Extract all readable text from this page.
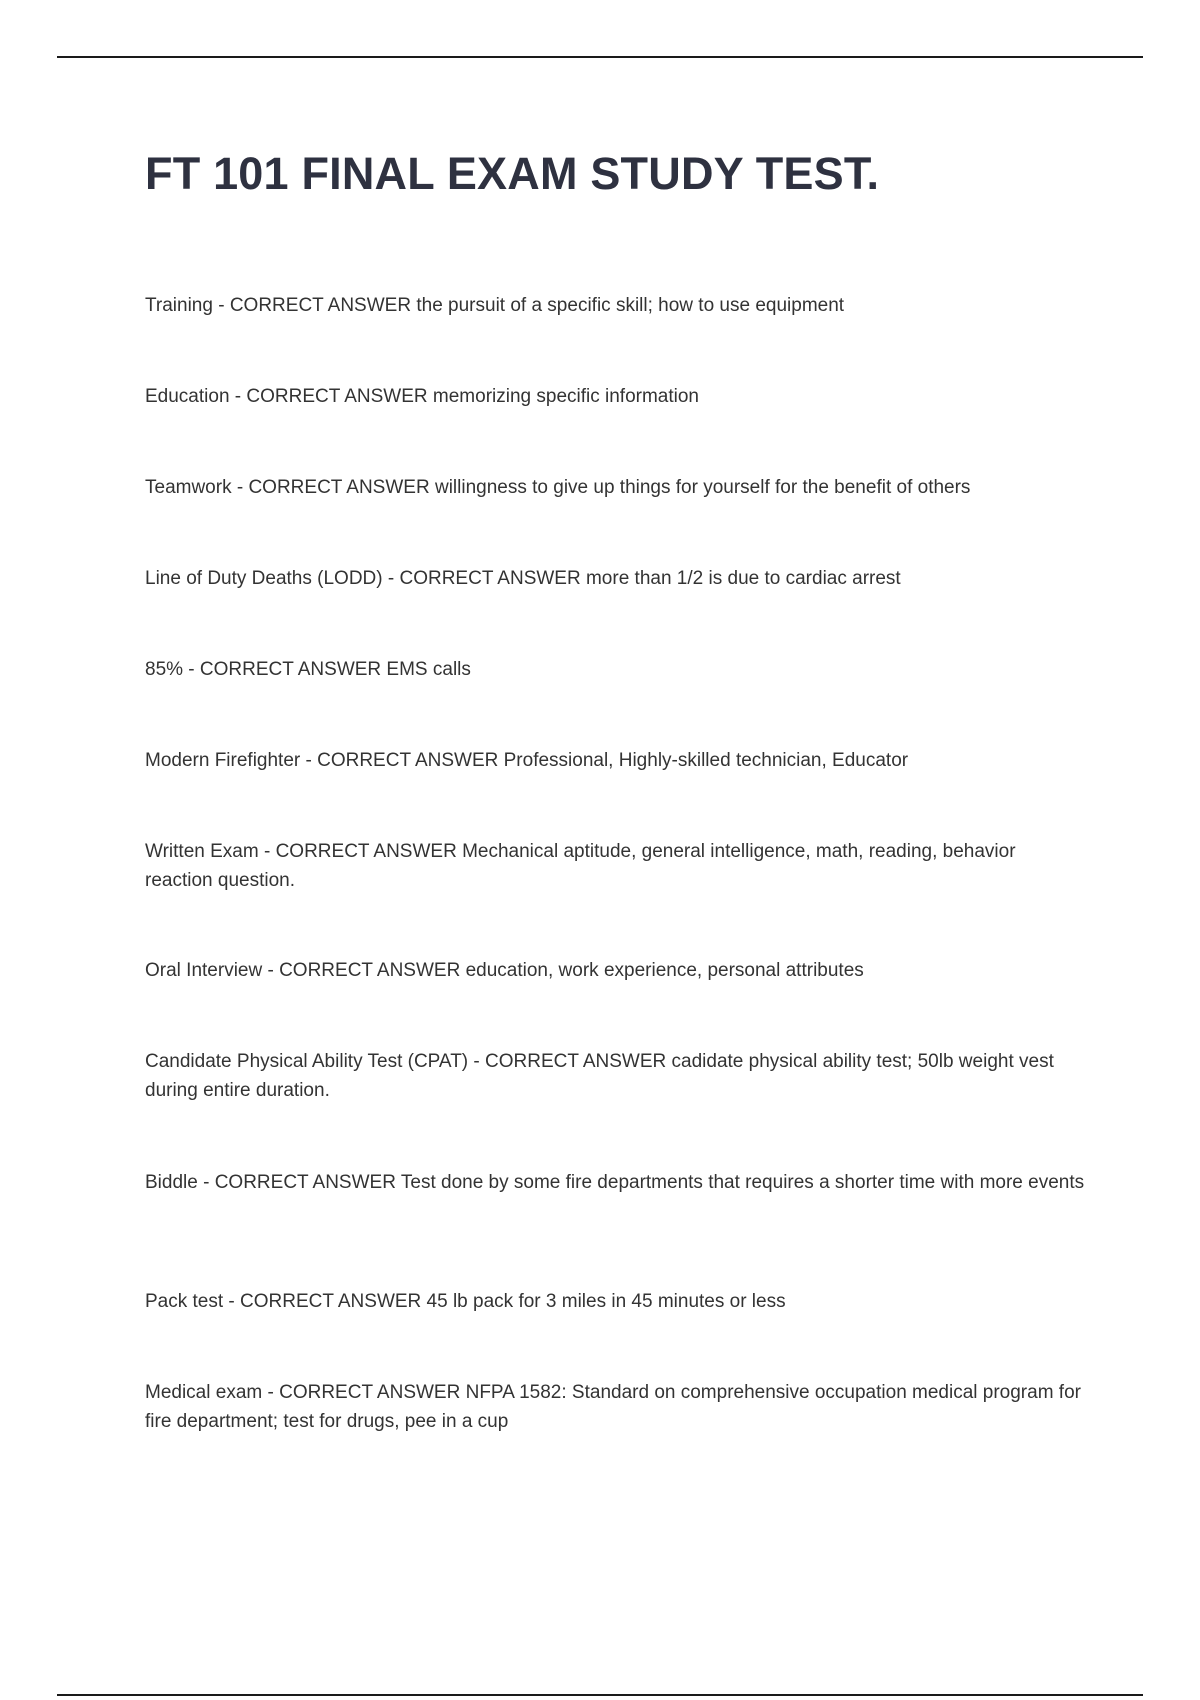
FT 101 FINAL EXAM STUDY TEST.
Training - CORRECT ANSWER the pursuit of a specific skill; how to use equipment
Education - CORRECT ANSWER memorizing specific information
Teamwork - CORRECT ANSWER willingness to give up things for yourself for the benefit of others
Line of Duty Deaths (LODD) - CORRECT ANSWER more than 1/2 is due to cardiac arrest
85% - CORRECT ANSWER EMS calls
Modern Firefighter - CORRECT ANSWER Professional, Highly-skilled technician, Educator
Written Exam - CORRECT ANSWER Mechanical aptitude, general intelligence, math, reading, behavior reaction question.
Oral Interview - CORRECT ANSWER education, work experience, personal attributes
Candidate Physical Ability Test (CPAT) - CORRECT ANSWER cadidate physical ability test; 50lb weight vest during entire duration.
Biddle - CORRECT ANSWER Test done by some fire departments that requires a shorter time with more events
Pack test - CORRECT ANSWER 45 lb pack for 3 miles in 45 minutes or less
Medical exam - CORRECT ANSWER NFPA 1582: Standard on comprehensive occupation medical program for fire department; test for drugs, pee in a cup
